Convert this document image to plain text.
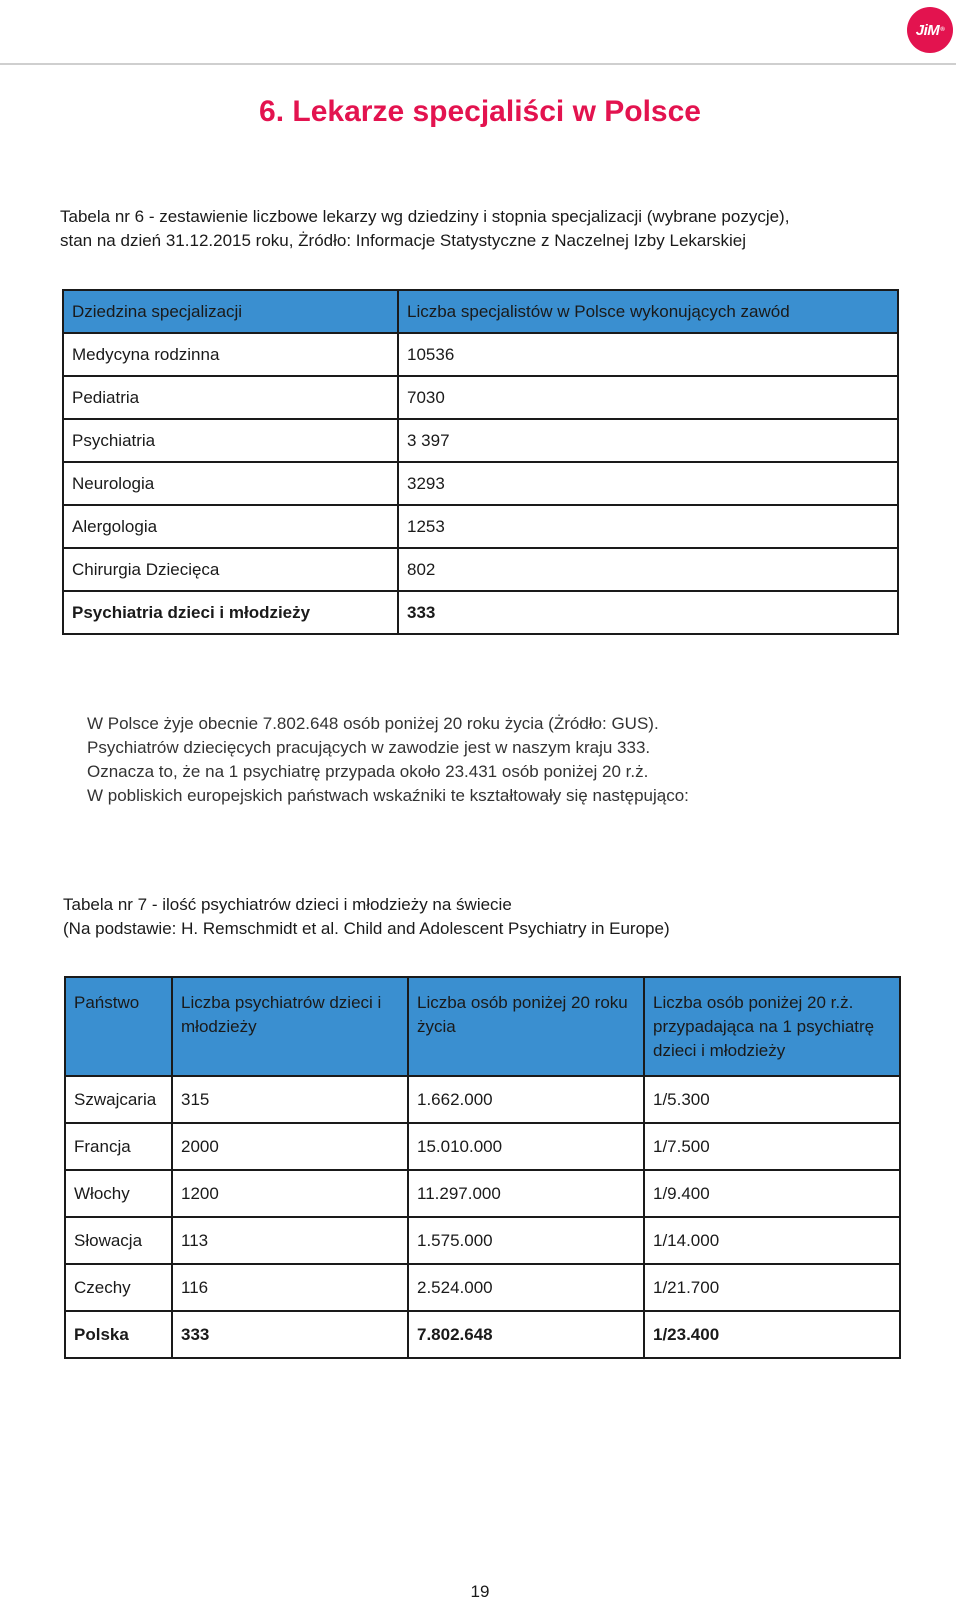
JiM ®
6. Lekarze specjaliści w Polsce

Tabela nr 6 - zestawienie liczbowe lekarzy wg dziedziny i stopnia specjalizacji (wybrane pozycje),
stan na dzień 31.12.2015 roku, Żródło: Informacje Statystyczne z Naczelnej Izby Lekarskiej

Dziedzina specjalizacji	Liczba specjalistów w Polsce wykonujących zawód
Medycyna rodzinna	10536
Pediatria	7030
Psychiatria	3 397
Neurologia	3293
Alergologia	1253
Chirurgia Dziecięca	802
Psychiatria dzieci i młodzieży	333
W Polsce żyje obecnie 7.802.648 osób poniżej 20 roku życia (Żródło: GUS).
Psychiatrów dziecięcych pracujących w zawodzie jest w naszym kraju 333.
Oznacza to, że na 1 psychiatrę przypada około 23.431 osób poniżej 20 r.ż.
W pobliskich europejskich państwach wskaźniki te kształtowały się następująco:

Tabela nr 7 - ilość psychiatrów dzieci i młodzieży na świecie
(Na podstawie: H. Remschmidt et al. Child and Adolescent Psychiatry in Europe)

Państwo	Liczba psychiatrów dzieci i młodzieży	Liczba osób poniżej 20 roku życia	Liczba osób poniżej 20 r.ż. przypadająca na 1 psychiatrę dzieci i młodzieży
Szwajcaria	315	1.662.000	1/5.300
Francja	2000	15.010.000	1/7.500
Włochy	1200	11.297.000	1/9.400
Słowacja	113	1.575.000	1/14.000
Czechy	116	2.524.000	1/21.700
Polska	333	7.802.648	1/23.400
19
